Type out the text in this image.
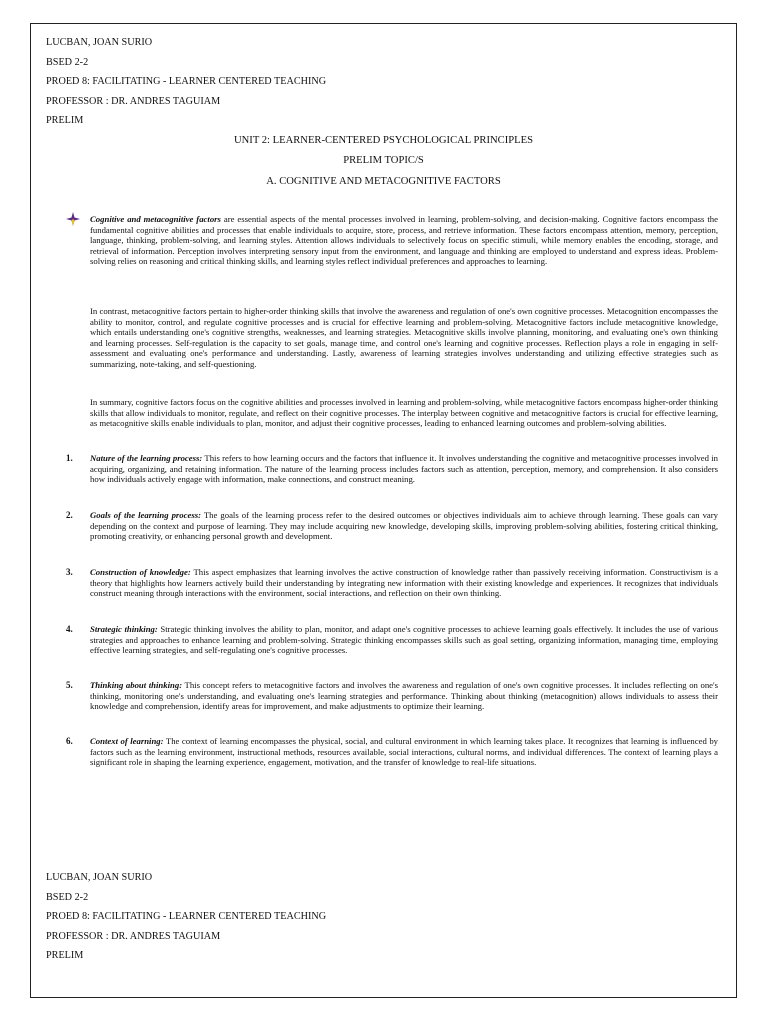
LUCBAN, JOAN SURIO
BSED 2-2
PROED 8: FACILITATING - LEARNER CENTERED TEACHING
PROFESSOR : DR. ANDRES TAGUIAM
PRELIM
UNIT 2: LEARNER-CENTERED PSYCHOLOGICAL PRINCIPLES
PRELIM TOPIC/S
A. COGNITIVE AND METACOGNITIVE FACTORS

Cognitive and metacognitive factors are essential aspects of the mental processes involved in learning, problem-solving, and decision-making. Cognitive factors encompass the fundamental cognitive abilities and processes that enable individuals to acquire, store, process, and retrieve information. These factors encompass attention, memory, perception, language, thinking, problem-solving, and learning styles. Attention allows individuals to selectively focus on specific stimuli, while memory enables the encoding, storage, and retrieval of information. Perception involves interpreting sensory input from the environment, and language and thinking are employed to understand and express ideas. Problem-solving relies on reasoning and critical thinking skills, and learning styles reflect individual preferences and approaches to learning.

In contrast, metacognitive factors pertain to higher-order thinking skills that involve the awareness and regulation of one's own cognitive processes. Metacognition encompasses the ability to monitor, control, and regulate cognitive processes and is crucial for effective learning and problem-solving. Metacognitive factors include metacognitive knowledge, which entails understanding one's cognitive strengths, weaknesses, and learning strategies. Metacognitive skills involve planning, monitoring, and evaluating one's own thinking and learning processes. Self-regulation is the capacity to set goals, manage time, and control one's learning and cognitive processes. Reflection plays a role in engaging in self-assessment and evaluating one's performance and understanding. Lastly, awareness of learning strategies involves understanding and utilizing effective strategies such as summarizing, note-taking, and self-questioning.

In summary, cognitive factors focus on the cognitive abilities and processes involved in learning and problem-solving, while metacognitive factors encompass higher-order thinking skills that allow individuals to monitor, regulate, and reflect on their cognitive processes. The interplay between cognitive and metacognitive factors is crucial for effective learning, as metacognitive skills enable individuals to plan, monitor, and adjust their cognitive processes, leading to enhanced learning outcomes and problem-solving abilities.

1. Nature of the learning process: This refers to how learning occurs and the factors that influence it. It involves understanding the cognitive and metacognitive processes involved in acquiring, organizing, and retaining information. The nature of the learning process includes factors such as attention, perception, memory, and comprehension. It also considers how individuals actively engage with information, make connections, and construct meaning.

2. Goals of the learning process: The goals of the learning process refer to the desired outcomes or objectives individuals aim to achieve through learning. These goals can vary depending on the context and purpose of learning. They may include acquiring new knowledge, developing skills, improving problem-solving abilities, fostering critical thinking, promoting creativity, or enhancing personal growth and development.

3. Construction of knowledge: This aspect emphasizes that learning involves the active construction of knowledge rather than passively receiving information. Constructivism is a theory that highlights how learners actively build their understanding by integrating new information with their existing knowledge and experiences. It recognizes that individuals construct meaning through interactions with the environment, social interactions, and reflection on their own thinking.

4. Strategic thinking: Strategic thinking involves the ability to plan, monitor, and adapt one's cognitive processes to achieve learning goals effectively. It includes the use of various strategies and approaches to enhance learning and problem-solving. Strategic thinking encompasses skills such as goal setting, organizing information, managing time, employing effective learning strategies, and self-regulating one's cognitive processes.

5. Thinking about thinking: This concept refers to metacognitive factors and involves the awareness and regulation of one's own cognitive processes. It includes reflecting on one's thinking, monitoring one's understanding, and evaluating one's learning strategies and performance. Thinking about thinking (metacognition) allows individuals to assess their knowledge and comprehension, identify areas for improvement, and make adjustments to optimize their learning.

6. Context of learning: The context of learning encompasses the physical, social, and cultural environment in which learning takes place. It recognizes that learning is influenced by factors such as the learning environment, instructional methods, resources available, social interactions, cultural norms, and individual differences. The context of learning plays a significant role in shaping the learning experience, engagement, motivation, and the transfer of knowledge to real-life situations.

LUCBAN, JOAN SURIO
BSED 2-2
PROED 8: FACILITATING - LEARNER CENTERED TEACHING
PROFESSOR : DR. ANDRES TAGUIAM
PRELIM
